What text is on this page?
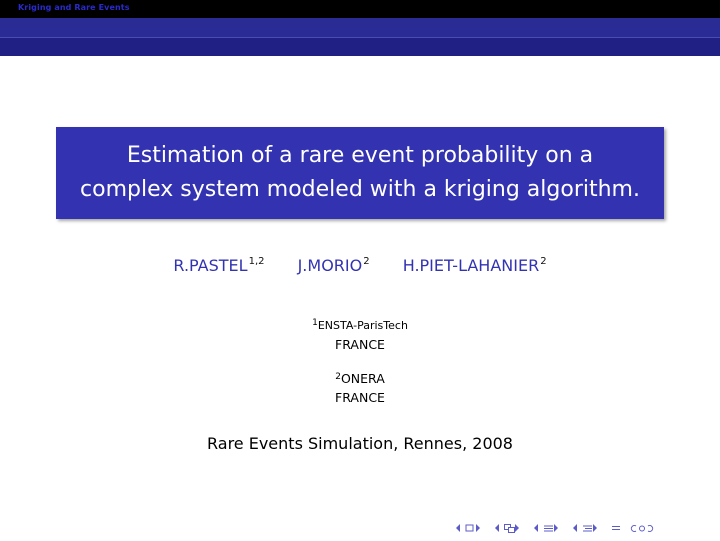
Kriging and Rare Events
Estimation of a rare event probability on a
complex system modeled with a kriging algorithm.
R.PASTEL$^{1,2}$ J.MORIO$^2$ H.PIET-LAHANIER$^2$
$^1$ENSTA-ParisTech
FRANCE
$^2$ONERA
FRANCE
Rare Events Simulation, Rennes, 2008
